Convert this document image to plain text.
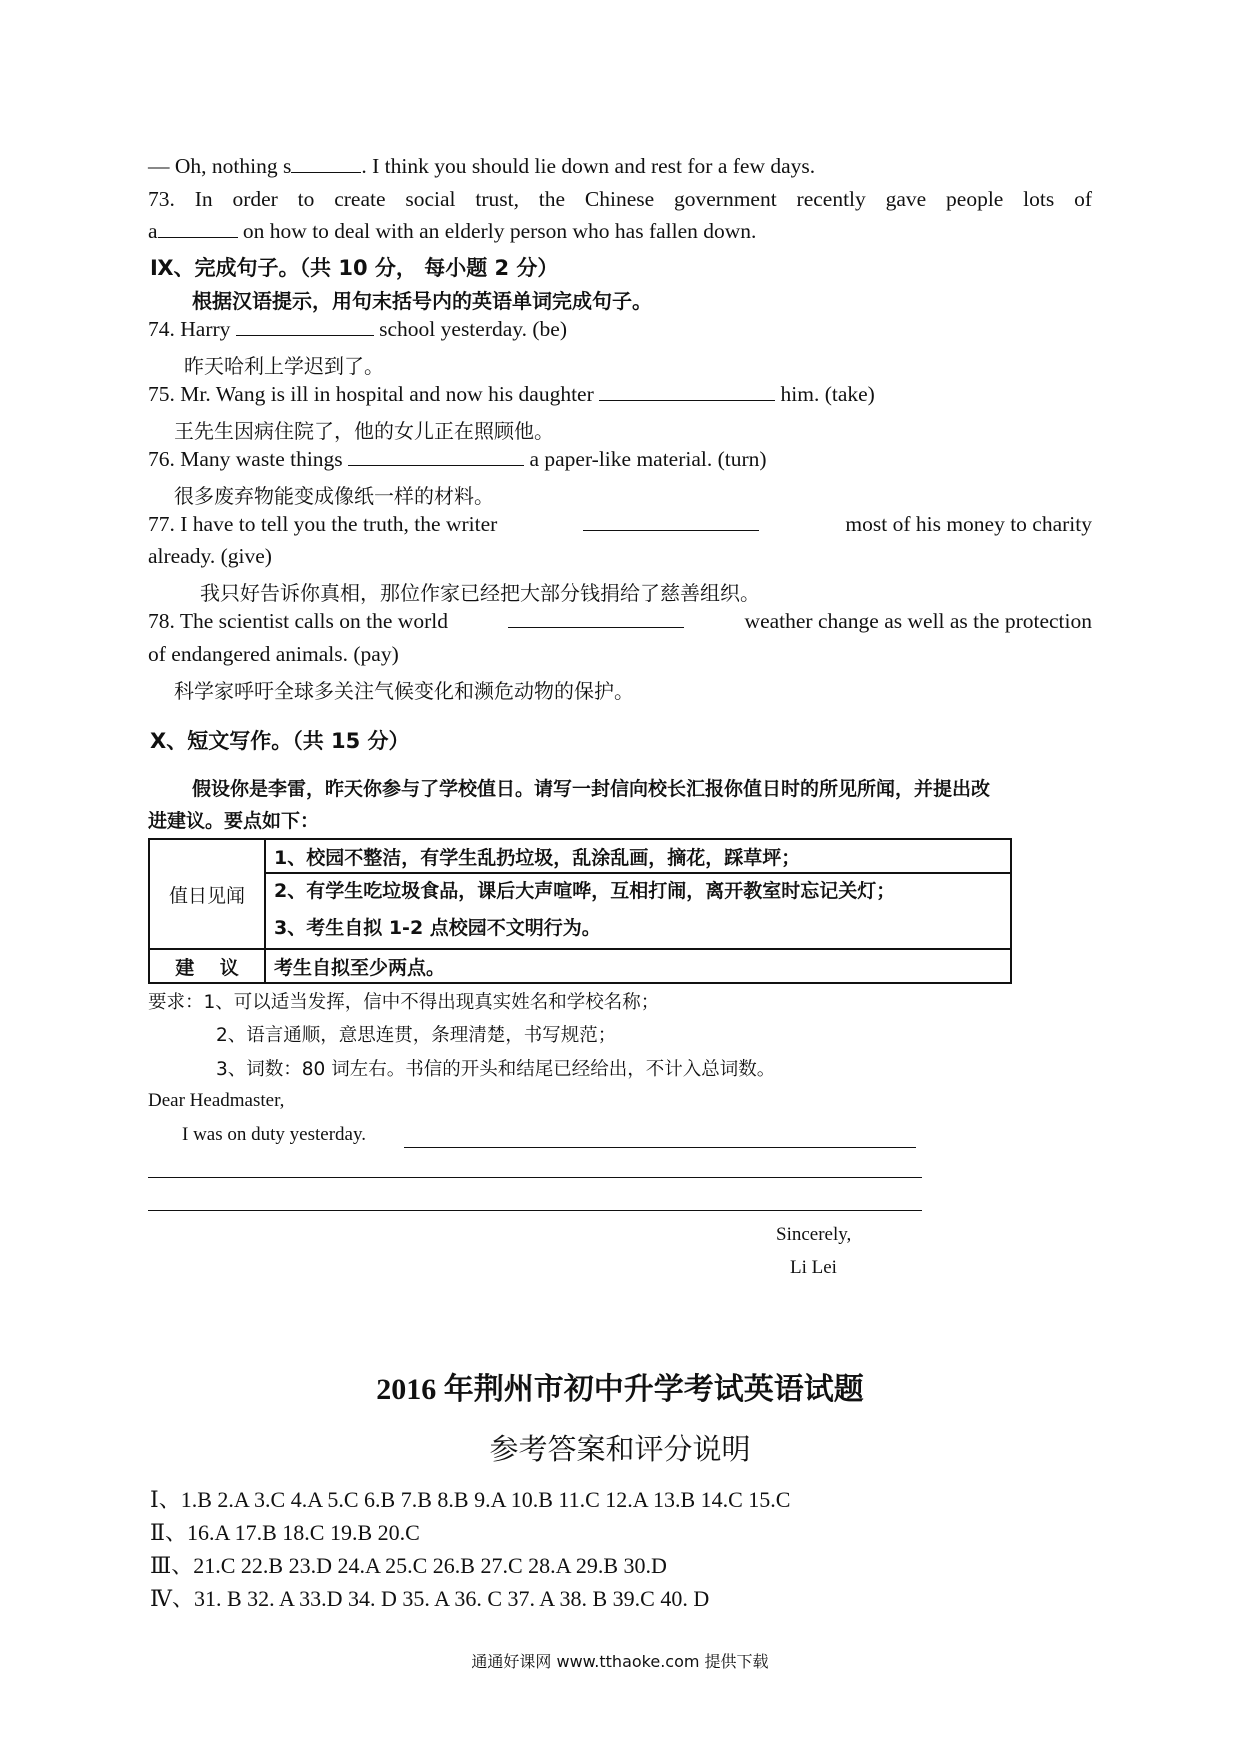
— Oh, nothing s	. I think you should lie down and rest for a few days.
73. In order to create social trust, the Chinese government recently gave people lots of
a	on how to deal with an elderly person who has fallen down.
Ⅸ、完成句子。（共 10 分， 每小题 2 分）
根据汉语提示，用句末括号内的英语单词完成句子。
74. Harry	school yesterday. (be)
昨天哈利上学迟到了。
75. Mr. Wang is ill in hospital and now his daughter	him. (take)
王先生因病住院了，他的女儿正在照顾他。
76. Many waste things	a paper-like material. (turn)
很多废弃物能变成像纸一样的材料。
77. I have to tell you the truth, the writer	most of his money to charity
already. (give)
我只好告诉你真相，那位作家已经把大部分钱捐给了慈善组织。
78. The scientist calls on the world	weather change as well as the protection
of endangered animals. (pay)
科学家呼吁全球多关注气候变化和濒危动物的保护。
Ⅹ、短文写作。（共 15 分）
假设你是李雷，昨天你参与了学校值日。请写一封信向校长汇报你值日时的所见所闻，并提出改
进建议。要点如下：
值日见闻	1、校园不整洁，有学生乱扔垃圾，乱涂乱画，摘花，踩草坪；
	2、有学生吃垃圾食品，课后大声喧哗，互相打闹，离开教室时忘记关灯；
	3、考生自拟 1-2 点校园不文明行为。
建　 议	考生自拟至少两点。
要求：1、可以适当发挥，信中不得出现真实姓名和学校名称；
2、语言通顺，意思连贯，条理清楚，书写规范；
3、词数：80 词左右。书信的开头和结尾已经给出，不计入总词数。
Dear Headmaster,
I was on duty yesterday.
Sincerely,
Li Lei
2016 年荆州市初中升学考试英语试题
参考答案和评分说明
Ⅰ、1.B 2.A 3.C 4.A 5.C 6.B 7.B 8.B 9.A 10.B 11.C 12.A 13.B 14.C 15.C
Ⅱ、16.A 17.B 18.C 19.B 20.C
Ⅲ、21.C 22.B 23.D 24.A 25.C 26.B 27.C 28.A 29.B 30.D
Ⅳ、31. B 32. A 33.D 34. D 35. A 36. C 37. A 38. B 39.C 40. D
通通好课网 www.tthaoke.com 提供下载
